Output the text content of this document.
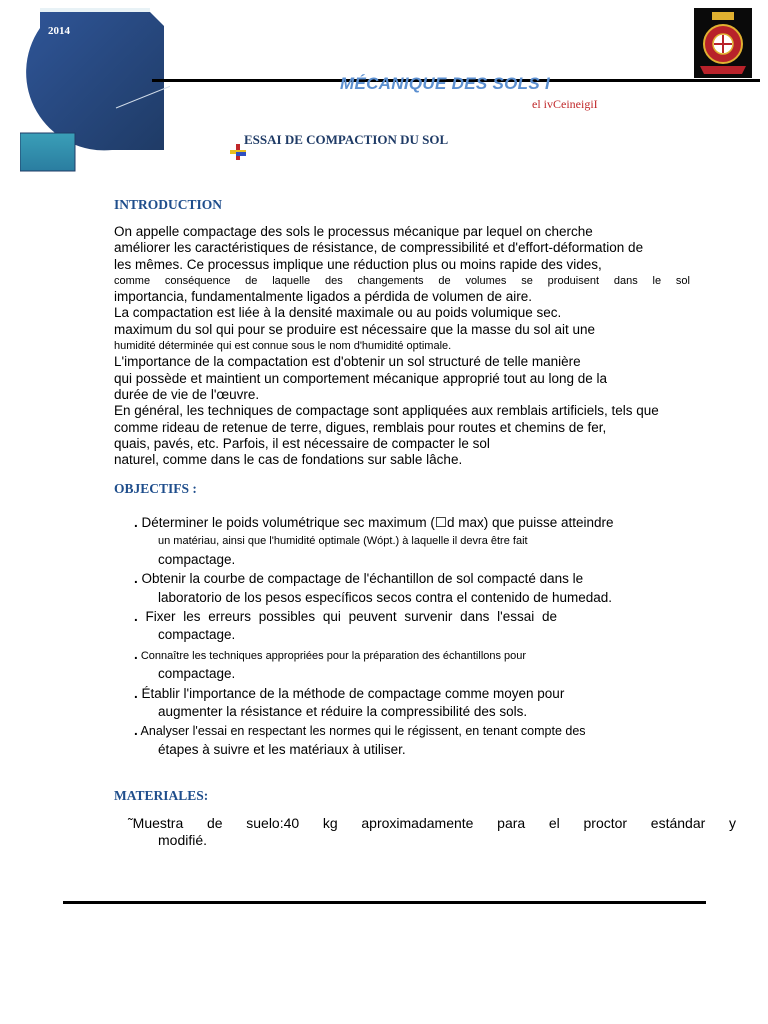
2014
MÉCANIQUE DES SOLS I
el ivCeineigiI
ESSAI DE COMPACTION DU SOL
INTRODUCTION

On appelle compactage des sols le processus mécanique par lequel on cherche

améliorer les caractéristiques de résistance, de compressibilité et d'effort-déformation de

les mêmes. Ce processus implique une réduction plus ou moins rapide des vides,

comme conséquence de laquelle des changements de volumes se produisent dans le sol

importancia, fundamentalmente ligados a pérdida de volumen de aire.

La compactation est liée à la densité maximale ou au poids volumique sec.

maximum du sol qui pour se produire est nécessaire que la masse du sol ait une

humidité déterminée qui est connue sous le nom d'humidité optimale.

L'importance de la compactation est d'obtenir un sol structuré de telle manière

qui possède et maintient un comportement mécanique approprié tout au long de la

durée de vie de l'œuvre.

En général, les techniques de compactage sont appliquées aux remblais artificiels, tels que

comme rideau de retenue de terre, digues, remblais pour routes et chemins de fer,

quais, pavés, etc. Parfois, il est nécessaire de compacter le sol

naturel, comme dans le cas de fondations sur sable lâche.

OBJECTIFS :
. Déterminer le poids volumétrique sec maximum (☐d max) que puisse atteindre
un matériau, ainsi que l'humidité optimale (Wópt.) à laquelle il devra être fait
compactage.
. Obtenir la courbe de compactage de l'échantillon de sol compacté dans le
laboratorio de los pesos específicos secos contra el contenido de humedad.
. Fixer les erreurs possibles qui peuvent survenir dans l'essai de
compactage.
. Connaître les techniques appropriées pour la préparation des échantillons pour
compactage.
. Établir l'importance de la méthode de compactage comme moyen pour
augmenter la résistance et réduire la compressibilité des sols.
. Analyser l'essai en respectant les normes qui le régissent, en tenant compte des
étapes à suivre et les matériaux à utiliser.
MATERIALES:
˜ Muestra de suelo:40 kg aproximadamente para el proctor estándar y
modifié.
